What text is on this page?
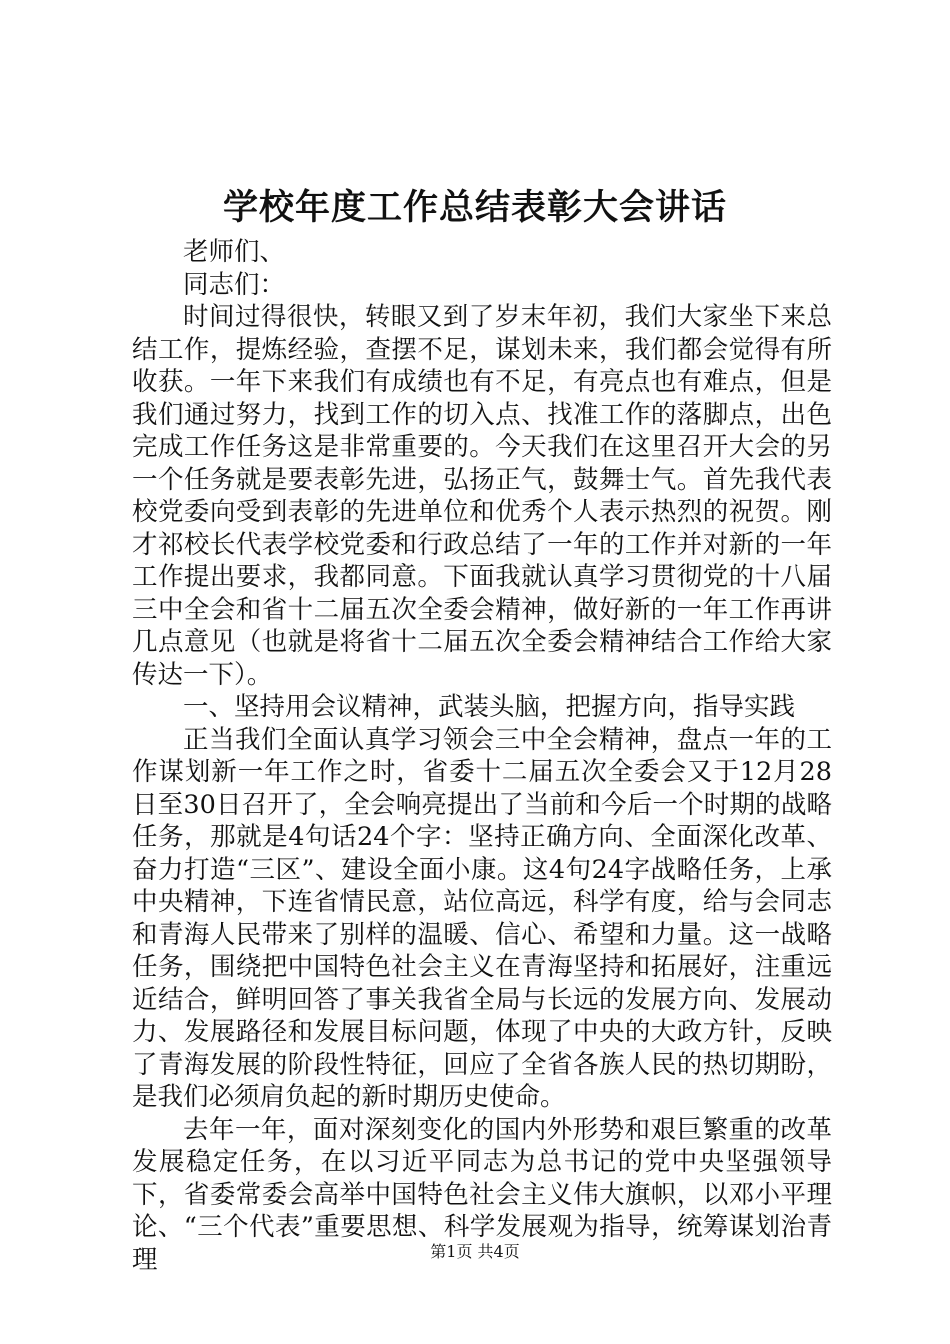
学校年度工作总结表彰大会讲话

老师们、

同志们：

时间过得很快，转眼又到了岁末年初，我们大家坐下来总结工作，提炼经验，查摆不足，谋划未来，我们都会觉得有所收获。一年下来我们有成绩也有不足，有亮点也有难点，但是我们通过努力，找到工作的切入点、找准工作的落脚点，出色完成工作任务这是非常重要的。今天我们在这里召开大会的另一个任务就是要表彰先进，弘扬正气，鼓舞士气。首先我代表校党委向受到表彰的先进单位和优秀个人表示热烈的祝贺。刚才祁校长代表学校党委和行政总结了一年的工作并对新的一年工作提出要求，我都同意。下面我就认真学习贯彻党的十八届三中全会和省十二届五次全委会精神，做好新的一年工作再讲几点意见（也就是将省十二届五次全委会精神结合工作给大家传达一下）。

一、坚持用会议精神，武装头脑，把握方向，指导实践

正当我们全面认真学习领会三中全会精神，盘点一年的工作谋划新一年工作之时，省委十二届五次全委会又于12月28日至30日召开了，全会响亮提出了当前和今后一个时期的战略任务，那就是4句话24个字：坚持正确方向、全面深化改革、奋力打造“三区”、建设全面小康。这4句24字战略任务，上承中央精神，下连省情民意，站位高远，科学有度，给与会同志和青海人民带来了别样的温暖、信心、希望和力量。这一战略任务，围绕把中国特色社会主义在青海坚持和拓展好，注重远近结合，鲜明回答了事关我省全局与长远的发展方向、发展动力、发展路径和发展目标问题，体现了中央的大政方针，反映了青海发展的阶段性特征，回应了全省各族人民的热切期盼，是我们必须肩负起的新时期历史使命。

去年一年，面对深刻变化的国内外形势和艰巨繁重的改革发展稳定任务，在以习近平同志为总书记的党中央坚强领导下，省委常委会高举中国特色社会主义伟大旗帜，以邓小平理论、“三个代表”重要思想、科学发展观为指导，统筹谋划治青理	第1页 共4页
